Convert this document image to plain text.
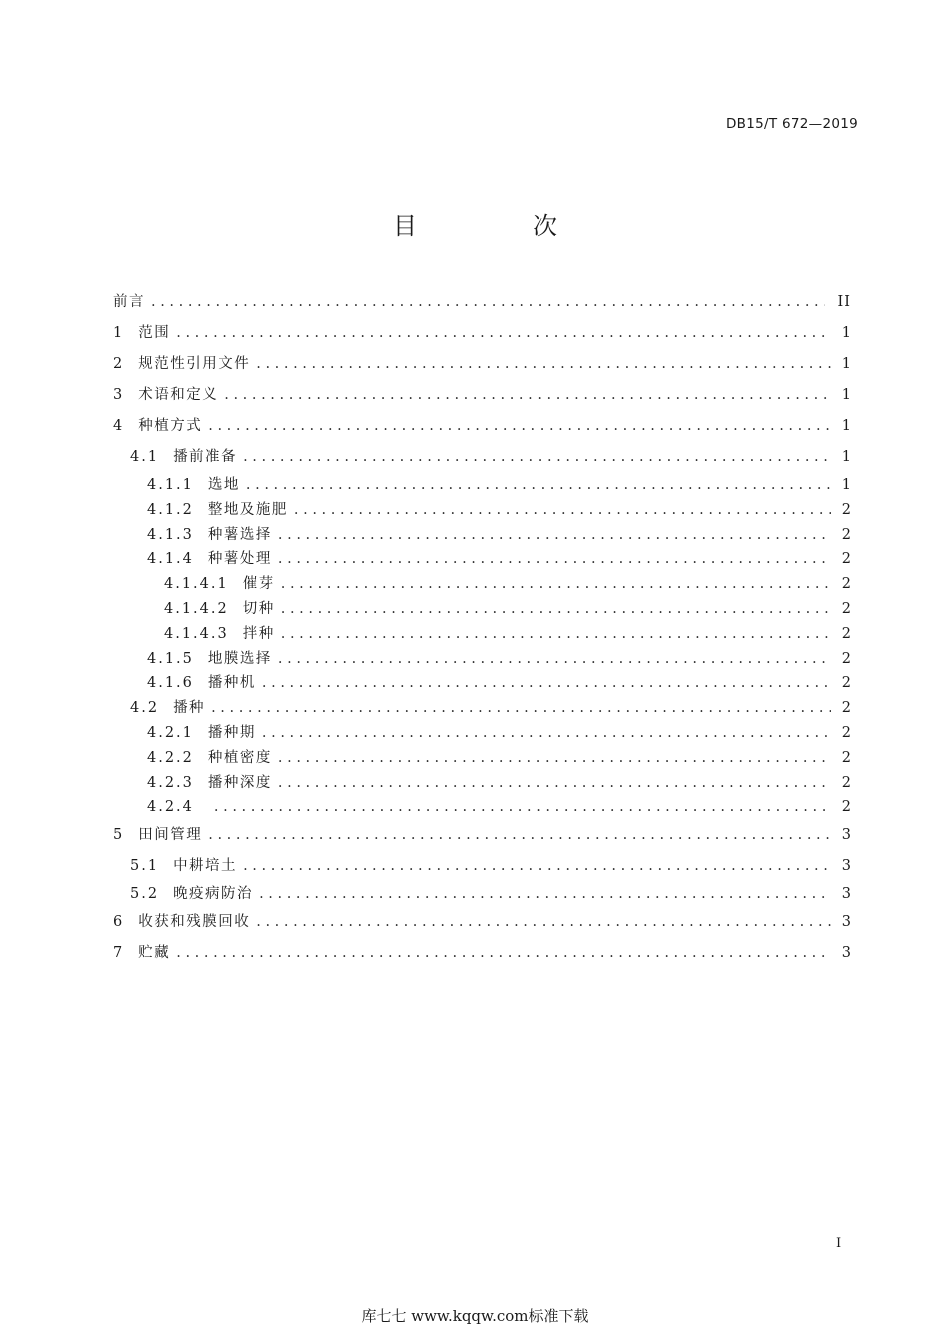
DB15/T 672—2019
目　次
前言 .....	II
1 范围 .....	1
2 规范性引用文件 .....	1
3 术语和定义 .....	1
4 种植方式 .....	1
4.1 播前准备 .....	1
4.1.1 选地 .....	1
4.1.2 整地及施肥 .....	2
4.1.3 种薯选择 .....	2
4.1.4 种薯处理 .....	2
4.1.4.1 催芽 .....	2
4.1.4.2 切种 .....	2
4.1.4.3 拌种 .....	2
4.1.5 地膜选择 .....	2
4.1.6 播种机 .....	2
4.2 播种 .....	2
4.2.1 播种期 .....	2
4.2.2 种植密度 .....	2
4.2.3 播种深度 .....	2
4.2.4 .....	2
5 田间管理 .....	3
5.1 中耕培土 .....	3
5.2 晚疫病防治 .....	3
6 收获和残膜回收 .....	3
7 贮藏 .....	3
I
库七七 www.kqqw.com标准下载
